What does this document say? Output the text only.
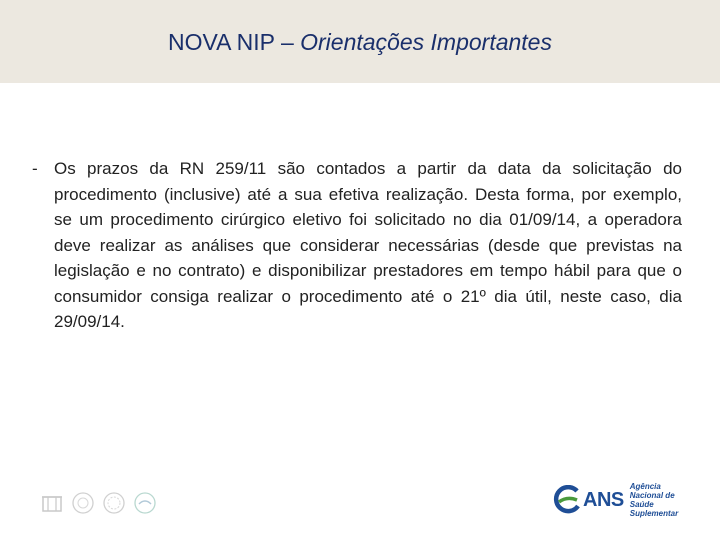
NOVA NIP – Orientações Importantes
- Os prazos da RN 259/11 são contados a partir da data da solicitação do procedimento (inclusive) até a sua efetiva realização. Desta forma, por exemplo, se um procedimento cirúrgico eletivo foi solicitado no dia 01/09/14, a operadora deve realizar as análises que considerar necessárias (desde que previstas na legislação e no contrato) e disponibilizar prestadores em tempo hábil para que o consumidor consiga realizar o procedimento até o 21º dia útil, neste caso, dia 29/09/14.
ANS
Agência Nacional de Saúde Suplementar
